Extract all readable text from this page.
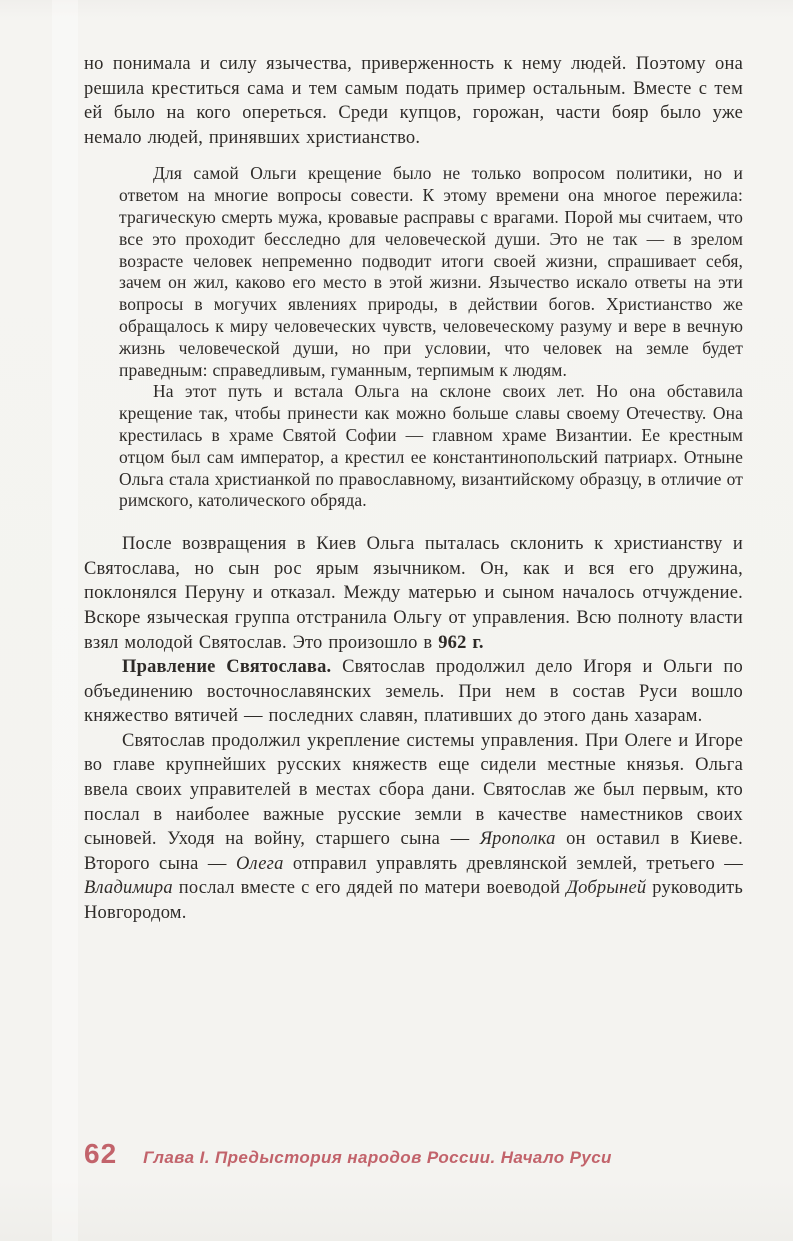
но понимала и силу язычества, приверженность к нему людей. Поэтому она решила креститься сама и тем самым подать пример остальным. Вместе с тем ей было на кого опереться. Среди купцов, горожан, части бояр было уже немало людей, принявших христианство.

Для самой Ольги крещение было не только вопросом политики, но и ответом на многие вопросы совести. К этому времени она многое пережила: трагическую смерть мужа, кровавые расправы с врагами. Порой мы считаем, что все это проходит бесследно для человеческой души. Это не так — в зрелом возрасте человек непременно подводит итоги своей жизни, спрашивает себя, зачем он жил, каково его место в этой жизни. Язычество искало ответы на эти вопросы в могучих явлениях природы, в действии богов. Христианство же обращалось к миру человеческих чувств, человеческому разуму и вере в вечную жизнь человеческой души, но при условии, что человек на земле будет праведным: справедливым, гуманным, терпимым к людям.

На этот путь и встала Ольга на склоне своих лет. Но она обставила крещение так, чтобы принести как можно больше славы своему Отечеству. Она крестилась в храме Святой Софии — главном храме Византии. Ее крестным отцом был сам император, а крестил ее константинопольский патриарх. Отныне Ольга стала христианкой по православному, византийскому образцу, в отличие от римского, католического обряда.

После возвращения в Киев Ольга пыталась склонить к христианству и Святослава, но сын рос ярым язычником. Он, как и вся его дружина, поклонялся Перуну и отказал. Между матерью и сыном началось отчуждение. Вскоре языческая группа отстранила Ольгу от управления. Всю полноту власти взял молодой Святослав. Это произошло в 962 г.

Правление Святослава. Святослав продолжил дело Игоря и Ольги по объединению восточнославянских земель. При нем в состав Руси вошло княжество вятичей — последних славян, плативших до этого дань хазарам.

Святослав продолжил укрепление системы управления. При Олеге и Игоре во главе крупнейших русских княжеств еще сидели местные князья. Ольга ввела своих управителей в местах сбора дани. Святослав же был первым, кто послал в наиболее важные русские земли в качестве наместников своих сыновей. Уходя на войну, старшего сына — Ярополка он оставил в Киеве. Второго сына — Олега отправил управлять древлянской землей, третьего — Владимира послал вместе с его дядей по матери воеводой Добрыней руководить Новгородом.

62 Глава I. Предыстория народов России. Начало Руси
